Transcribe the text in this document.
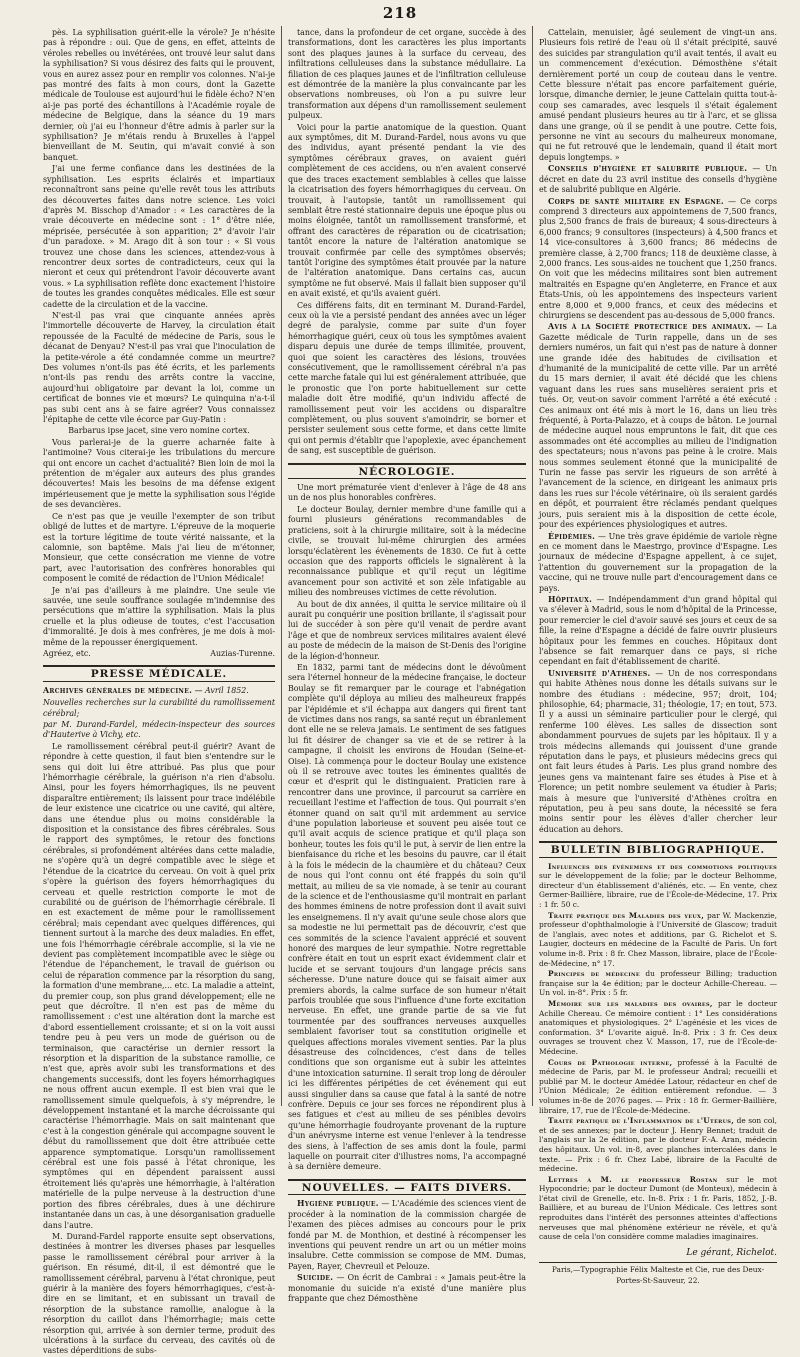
218

pès. La syphilisation guérit-elle la vérole? Je n'hésite pas à répondre : oui. Que de gens, en effet, atteints de véroles rebelles ou invétérées, ont trouvé leur salut dans la syphilisation? Si vous désirez des faits qui le prouvent, vous en aurez assez pour en remplir vos colonnes. N'ai-je pas montré des faits à mon cours, dont la Gazette médicale de Toulouse est aujourd'hui le fidèle écho? N'en ai-je pas porté des échantillons à l'Académie royale de médecine de Belgique, dans la séance du 19 mars dernier, où j'ai eu l'honneur d'être admis à parler sur la syphilisation? Je m'étais rendu à Bruxelles à l'appel bienveillant de M. Seutin, qui m'avait convié à son banquet.

J'ai une ferme confiance dans les destinées de la syphilisation. Les esprits éclairés et impartiaux reconnaîtront sans peine qu'elle revêt tous les attributs des découvertes faites dans notre science. Les voici d'après M. Bisschop d'Amador : « Les caractères de la vraie découverte en médecine sont : 1° d'être niée, méprisée, persécutée à son apparition; 2° d'avoir l'air d'un paradoxe. » M. Arago dit à son tour : « Si vous trouvez une chose dans les sciences, attendez-vous à rencontrer deux sortes de contradicteurs, ceux qui la nieront et ceux qui prétendront l'avoir découverte avant vous. » La syphilisation reflète donc exactement l'histoire de toutes les grandes conquêtes médicales. Elle est sœur cadette de la circulation et de la vaccine.

N'est-il pas vrai que cinquante années après l'immortelle découverte de Harvey, la circulation était repoussée de la Faculté de médecine de Paris, sous le décanat de Denyau? N'est-il pas vrai que l'inoculation de la petite-vérole a été condamnée comme un meurtre? Des volumes n'ont-ils pas été écrits, et les parlements n'ont-ils pas rendu des arrêts contre la vaccine, aujourd'hui obligatoire par devant la loi, comme un certificat de bonnes vie et mœurs? Le quinquina n'a-t-il pas subi cent ans à se faire agréer? Vous connaissez l'épitaphe de cette vile écorce par Guy-Patin :

Barbarus ipse jacet, sine vero nomine cortex.

Vous parlerai-je de la guerre acharnée faite à l'antimoine? Vous citerai-je les tribulations du mercure qui ont encore un cachet d'actualité? Bien loin de moi la prétention de m'égaler aux auteurs des plus grandes découvertes! Mais les besoins de ma défense exigent impérieusement que je mette la syphilisation sous l'égide de ses devancières.

Ce n'est pas que je veuille l'exempter de son tribut obligé de luttes et de martyre. L'épreuve de la moquerie est la torture légitime de toute vérité naissante, et la calomnie, son baptême. Mais j'ai lieu de m'étonner, Monsieur, que cette consécration me vienne de votre part, avec l'autorisation des confrères honorables qui composent le comité de rédaction de l'Union Médicale!

Je n'ai pas d'ailleurs à me plaindre. Une seule vie sauvée, une seule souffrance soulagée m'indemnise des persécutions que m'attire la syphilisation. Mais la plus cruelle et la plus odieuse de toutes, c'est l'accusation d'immoralité. Je dois à mes confrères, je me dois à moi-même de la repousser énergiquement.

Agréez, etc.	Auzias-Turenne.
PRESSE MÉDICALE.

Archives générales de médecine. — Avril 1852.

Nouvelles recherches sur la curabilité du ramollissement cérébral;

par M. Durand-Fardel, médecin-inspecteur des sources d'Hauterive à Vichy, etc.

Le ramollissement cérébral peut-il guérir? Avant de répondre à cette question, il faut bien s'entendre sur le sens qui doit lui être attribué. Pas plus que pour l'hémorrhagie cérébrale, la guérison n'a rien d'absolu. Ainsi, pour les foyers hémorrhagiques, ils ne peuvent disparaître entièrement; ils laissent pour trace indélébile de leur existence une cicatrice ou une cavité, qui altère, dans une étendue plus ou moins considérable la disposition et la consistance des fibres cérébrales. Sous le rapport des symptômes, le retour des fonctions cérébrales, si profondément altérées dans cette maladie, ne s'opère qu'à un degré compatible avec le siège et l'étendue de la cicatrice du cerveau. On voit à quel prix s'opère la guérison des foyers hémorrhagiques du cerveau et quelle restriction comporte le mot de curabilité ou de guérison de l'hémorrhagie cérébrale. Il en est exactement de même pour le ramollissement cérébral; mais cependant avec quelques différences, qui tiennent surtout à la marche des deux maladies. En effet, une fois l'hémorrhagie cérébrale accomplie, si la vie ne devient pas complètement incompatible avec le siège ou l'étendue de l'épanchement, le travail de guérison ou celui de réparation commence par la résorption du sang, la formation d'une membrane,... etc. La maladie a atteint, du premier coup, son plus grand développement; elle ne peut que décroître. Il n'en est pas de même du ramollissement : c'est une altération dont la marche est d'abord essentiellement croissante; et si on la voit aussi tendre peu à peu vers un mode de guérison ou de terminaison, que caractérise un dernier ressort la résorption et la disparition de la substance ramollie, ce n'est que, après avoir subi les transformations et des changements successifs, dont les foyers hémorrhagiques ne nous offrent aucun exemple. Il est bien vrai que le ramollissement simule quelquefois, à s'y méprendre, le développement instantané et la marche décroissante qui caractérise l'hémorrhagie. Mais on sait maintenant que c'est à la congestion générale qui accompagne souvent le début du ramollissement que doit être attribuée cette apparence symptomatique. Lorsqu'un ramollissement cérébral est une fois passé à l'état chronique, les symptômes qui en dépendent paraissent aussi étroitement liés qu'après une hémorrhagie, à l'altération matérielle de la pulpe nerveuse à la destruction d'une portion des fibres cérébrales, dues à une déchirure instantanée dans un cas, à une désorganisation graduelle dans l'autre.

M. Durand-Fardel rapporte ensuite sept observations, destinées à montrer les diverses phases par lesquelles passe le ramollissement cérébral pour arriver à la guérison. En résumé, dit-il, il est démontré que le ramollissement cérébral, parvenu à l'état chronique, peut guérir à la manière des foyers hémorrhagiques, c'est-à-dire en se limitant, et en subissant un travail de résorption de la substance ramollie, analogue à la résorption du caillot dans l'hémorrhagie; mais cette résorption qui, arrivée à son dernier terme, produit des ulcérations à la surface du cerveau, des cavités où de vastes déperditions de subs-

tance, dans la profondeur de cet organe, succède à des transformations, dont les caractères les plus importants sont des plaques jaunes à la surface du cerveau, des infiltrations celluleuses dans la substance médullaire. La filiation de ces plaques jaunes et de l'infiltration celluleuse est démontrée de la manière la plus convaincante par les observations nombreuses, où l'on a pu suivre leur transformation aux dépens d'un ramollissement seulement pulpeux.

Voici pour la partie anatomique de la question. Quant aux symptômes, dit M. Durand-Fardel, nous avons vu que des individus, ayant présenté pendant la vie des symptômes cérébraux graves, on avaient guéri complètement de ces accidens, ou n'en avaient conservé que des traces exactement semblables à celles que laisse la cicatrisation des foyers hémorrhagiques du cerveau. On trouvait, à l'autopsie, tantôt un ramollissement qui semblait être resté stationnaire depuis une époque plus ou moins éloignée, tantôt un ramollissement transformé, et offrant des caractères de réparation ou de cicatrisation; tantôt encore la nature de l'altération anatomique se trouvait confirmée par celle des symptômes observés; tantôt l'origine des symptômes était prouvée par la nature de l'altération anatomique. Dans certains cas, aucun symptôme ne fut observé. Mais il fallait bien supposer qu'il en avait existé, et qu'ils avaient guéri.

Ces différens faits, dit en terminant M. Durand-Fardel, ceux où la vie a persisté pendant des années avec un léger degré de paralysie, comme par suite d'un foyer hémorrhagique guéri, ceux où tous les symptômes avaient disparu depuis une durée de temps illimitée, prouvent, quoi que soient les caractères des lésions, trouvées consécutivement, que le ramollissement cérébral n'a pas cette marche fatale qui lui est généralement attribuée, que le pronostic que l'on porte habituellement sur cette maladie doit être modifié, qu'un individu affecté de ramollissement peut voir les accidens ou disparaître complètement, ou plus souvent s'amoindrir, se borner et persister seulement sous cette forme, et dans cette limite qui ont permis d'établir que l'apoplexie, avec épanchement de sang, est susceptible de guérison.

NÉCROLOGIE.

Une mort prématurée vient d'enlever à l'âge de 48 ans un de nos plus honorables confrères.

Le docteur Boulay, dernier membre d'une famille qui a fourni plusieurs générations recommandables de praticiens, soit à la chirurgie militaire, soit à la médecine civile, se trouvait lui-même chirurgien des armées lorsqu'éclatèrent les évènements de 1830. Ce fut à cette occasion que des rapports officiels le signalèrent à la reconnaissance publique et qu'il reçut un légitime avancement pour son activité et son zèle infatigable au milieu des nombreuses victimes de cette révolution.

Au bout de dix années, il quitta le service militaire où il aurait pu conquérir une position brillante, il s'agissait pour lui de succéder à son père qu'il venait de perdre avant l'âge et que de nombreux services militaires avaient élevé au poste de médecin de la maison de St-Denis des l'origine de la légion-d'honneur.

En 1832, parmi tant de médecins dont le dévoûment sera l'éternel honneur de la médecine française, le docteur Boulay se fit remarquer par le courage et l'abnégation complète qu'il déploya au milieu des malheureux frappés par l'épidémie et s'il échappa aux dangers qui firent tant de victimes dans nos rangs, sa santé reçut un ébranlement dont elle ne se releva jamais. Le sentiment de ses fatigues lui fit désirer de changer sa vie et de se retirer à la campagne, il choisit les environs de Houdan (Seine-et-Oise). Là commença pour le docteur Boulay une existence où il se retrouve avec toutes les éminentes qualités de cœur et d'esprit qui le distinguaient. Praticien rare à rencontrer dans une province, il parcourut sa carrière en recueillant l'estime et l'affection de tous. Qui pourrait s'en étonner quand on sait qu'il mit ardemment au service d'une population laborieuse et souvent peu aisée tout ce qu'il avait acquis de science pratique et qu'il plaça son bonheur, toutes les fois qu'il le put, à servir de lien entre la bienfaisance du riche et les besoins du pauvre, car il était à la fois le médecin de la chaumière et du château? Ceux de nous qui l'ont connu ont été frappés du soin qu'il mettait, au milieu de sa vie nomade, à se tenir au courant de la science et de l'enthousiasme qu'il montrait en parlant des hommes éminens de notre profession dont il avait suivi les enseignemens. Il n'y avait qu'une seule chose alors que sa modestie ne lui permettait pas de découvrir, c'est que ces sommités de la science l'avaient apprécié et souvent honoré des marques de leur sympathie. Notre regrettable confrère était en tout un esprit exact évidemment clair et lucide et se servant toujours d'un langage précis sans sécheresse. D'une nature douce qui se faisait aimer aux premiers abords, la calme surface de son humeur n'était parfois troublée que sous l'influence d'une forte excitation nerveuse. En effet, une grande partie de sa vie fut tourmentée par des souffrances nerveuses auxquelles semblaient favoriser tout sa constitution originelle et quelques affections morales vivement senties. Par la plus désastreuse des coïncidences, c'est dans de telles conditions que son organisme eut à subir les atteintes d'une intoxication saturnine. Il serait trop long de dérouler ici les différentes péripéties de cet événement qui eut aussi singulier dans sa cause que fatal à la santé de notre confrère. Depuis ce jour ses forces ne répondirent plus à ses fatigues et c'est au milieu de ses pénibles devoirs qu'une hémorrhagie foudroyante provenant de la rupture d'un anévrysme interne est venue l'enlever à la tendresse des siens, à l'affection de ses amis dont la foule, parmi laquelle on pourrait citer d'illustres noms, l'a accompagné à sa dernière demeure.

NOUVELLES. — FAITS DIVERS.

Hygiène publique. — L'Académie des sciences vient de procéder à la nomination de la commission chargée de l'examen des pièces admises au concours pour le prix fondé par M. de Monthion, et destiné à récompenser les inventions qui peuvent rendre un art ou un métier moins insalubre. Cette commission se compose de MM. Dumas, Payen, Rayer, Chevreuil et Pelouze.

Suicide. — On écrit de Cambrai : « Jamais peut-être la monomanie du suicide n'a existé d'une manière plus frappante que chez Démosthène

Cattelain, menuisier, âgé seulement de vingt-un ans. Plusieurs fois retiré de l'eau où il s'était précipité, sauvé des suicides par strangulation qu'il avait tentés, il avait eu un commencement d'exécution. Démosthène s'était dernièrement porté un coup de couteau dans le ventre. Cette blessure n'était pas encore parfaitement guérie, lorsque, dimanche dernier, le jeune Cattelain quitta tout-à-coup ses camarades, avec lesquels il s'était également amusé pendant plusieurs heures au tir à l'arc, et se glissa dans une grange, où il se pendit à une poutre. Cette fois, personne ne vint au secours du malheureux monomane, qui ne fut retrouvé que le lendemain, quand il était mort depuis longtemps. »

Conseils d'hygiène et salubrité publique. — Un décret en date du 23 avril institue des conseils d'hygiène et de salubrité publique en Algérie.

Corps de santé militaire en Espagne. — Ce corps comprend 3 directeurs aux appointemens de 7,500 francs, plus 2,500 francs de frais de bureaux; 4 sous-directeurs à 6,000 francs; 9 consultores (inspecteurs) à 4,500 francs et 14 vice-consultores à 3,600 francs; 86 médecins de première classe, à 2,700 francs; 118 de deuxième classe, à 2,000 francs. Les sous-aides ne touchent que 1,250 francs. On voit que les médecins militaires sont bien autrement maltraités en Espagne qu'en Angleterre, en France et aux États-Unis, où les appointemens des inspecteurs varient entre 8,000 et 9,000 francs, et ceux des médecins et chirurgiens se descendent pas au-dessous de 5,000 francs.

Avis à la Société protectrice des animaux. — La Gazette médicale de Turin rappelle, dans un de ses derniers numéros, un fait qui n'est pas de nature à donner une grande idée des habitudes de civilisation et d'humanité de la municipalité de cette ville. Par un arrêté du 15 mars dernier, il avait été décidé que les chiens vaguant dans les rues sans muselières seraient pris et tués. Or, veut-on savoir comment l'arrêté a été exécuté : Ces animaux ont été mis à mort le 16, dans un lieu très fréquenté, à Porta-Palazzo, et à coups de bâton. Le journal de médecine auquel nous empruntons le fait, dit que ces assommades ont été accomplies au milieu de l'indignation des spectateurs; nous n'avons pas peine à le croire. Mais nous sommes seulement étonné que la municipalité de Turin ne fasse pas servir les rigueurs de son arrêté à l'avancement de la science, en dirigeant les animaux pris dans les rues sur l'école vétérinaire, où ils seraient gardés en dépôt, et pourraient être réclamés pendant quelques jours, puis seraient mis à la disposition de cette école, pour des expériences physiologiques et autres.

Épidémies. — Une très grave épidémie de variole règne en ce moment dans le Maestrgo, province d'Espagne. Les journaux de médecine d'Espagne appellent, à ce sujet, l'attention du gouvernement sur la propagation de la vaccine, qui ne trouve nulle part d'encouragement dans ce pays.

Hôpitaux. — Indépendamment d'un grand hôpital qui va s'élever à Madrid, sous le nom d'hôpital de la Princesse, pour remercier le ciel d'avoir sauvé ses jours et ceux de sa fille, la reine d'Espagne a décidé de faire ouvrir plusieurs hôpitaux pour les femmes en couches. Hôpitaux dont l'absence se fait remarquer dans ce pays, si riche cependant en fait d'établissement de charité.

Université d'Athènes. — Un de nos correspondans qui habite Athènes nous donne les détails suivans sur le nombre des étudians : médecine, 957; droit, 104; philosophie, 64; pharmacie, 31; théologie, 17; en tout, 573. Il y a aussi un séminaire particulier pour le clergé, qui renferme 100 élèves. Les salles de dissection sont abondamment pourvues de sujets par les hôpitaux. Il y a trois médecins allemands qui jouissent d'une grande réputation dans le pays, et plusieurs médecins grecs qui ont fait leurs études à Paris. Les plus grand nombre des jeunes gens va maintenant faire ses études à Pise et à Florence; un petit nombre seulement va étudier à Paris; mais à mesure que l'université d'Athènes croîtra en réputation, peu à peu sans doute, la nécessité se fera moins sentir pour les élèves d'aller chercher leur éducation au dehors.

BULLETIN BIBLIOGRAPHIQUE.

Influences des événemens et des commotions politiques sur le développement de la folie; par le docteur Belhomme, directeur d'un établissement d'aliénés, etc. — En vente, chez Germer-Baillière, libraire, rue de l'École-de-Médecine, 17. Prix : 1 fr. 50 c.

Traité pratique des Maladies des yeux, par W. Mackenzie, professeur d'ophthalmologie à l'Université de Glascow; traduit de l'anglais, avec notes et additions, par G. Richelot et S. Laugier, docteurs en médecine de la Faculté de Paris. Un fort volume in-8. Prix : 8 fr. Chez Masson, libraire, place de l'École-de-Médecine, n° 17.

Principes de médecine du professeur Billing; traduction française sur la 4e édition; par le docteur Achille-Chereau. — Un vol. in-8°. Prix : 5 fr.

Mémoire sur les maladies des ovaires, par le docteur Achille Chereau. Ce mémoire contient : 1° Les considérations anatomiques et physiologiques. 2° L'agénésie et les vices de conformation. 3° L'ovarite aiguë. In-8. Prix : 3 fr. Ces deux ouvrages se trouvent chez V. Masson, 17, rue de l'École-de-Médecine.

Cours de Pathologie interne, professé à la Faculté de médecine de Paris, par M. le professeur Andral; recueilli et publié par M. le docteur Amédée Latour, rédacteur en chef de l'Union Médicale; 2e édition entièrement refondue. — 3 volumes in-8e de 2076 pages. — Prix : 18 fr. Germer-Baillière, libraire, 17, rue de l'École-de-Médecine.

Traité pratique de l'Inflammation de l'Utérus, de son col, et de ses annexes; par le docteur J. Henry Bennet; traduit de l'anglais sur la 2e édition, par le docteur F.-A. Aran, médecin des hôpitaux. Un vol. in-8, avec planches intercalées dans le texte. — Prix : 6 fr. Chez Labé, libraire de la Faculté de médecine.

Lettres à M. le professeur Rostan sur le mot Hypocondrie; par le docteur Dumont (de Monteux), médecin à l'état civil de Grenelle, etc. In-8. Prix : 1 fr. Paris, 1852, J.-B. Baillière, et au bureau de l'Union Médicale. Ces lettres sont reproduites dans l'intérêt des personnes atteintes d'affections nerveuses que mal phénomène extérieur ne révèle, et qu'à cause de cela l'on considère comme maladies imaginaires.

Le gérant, Richelot.

Paris,—Typographie Félix Malteste et Cie, rue des Deux-Portes-St-Sauveur, 22.
